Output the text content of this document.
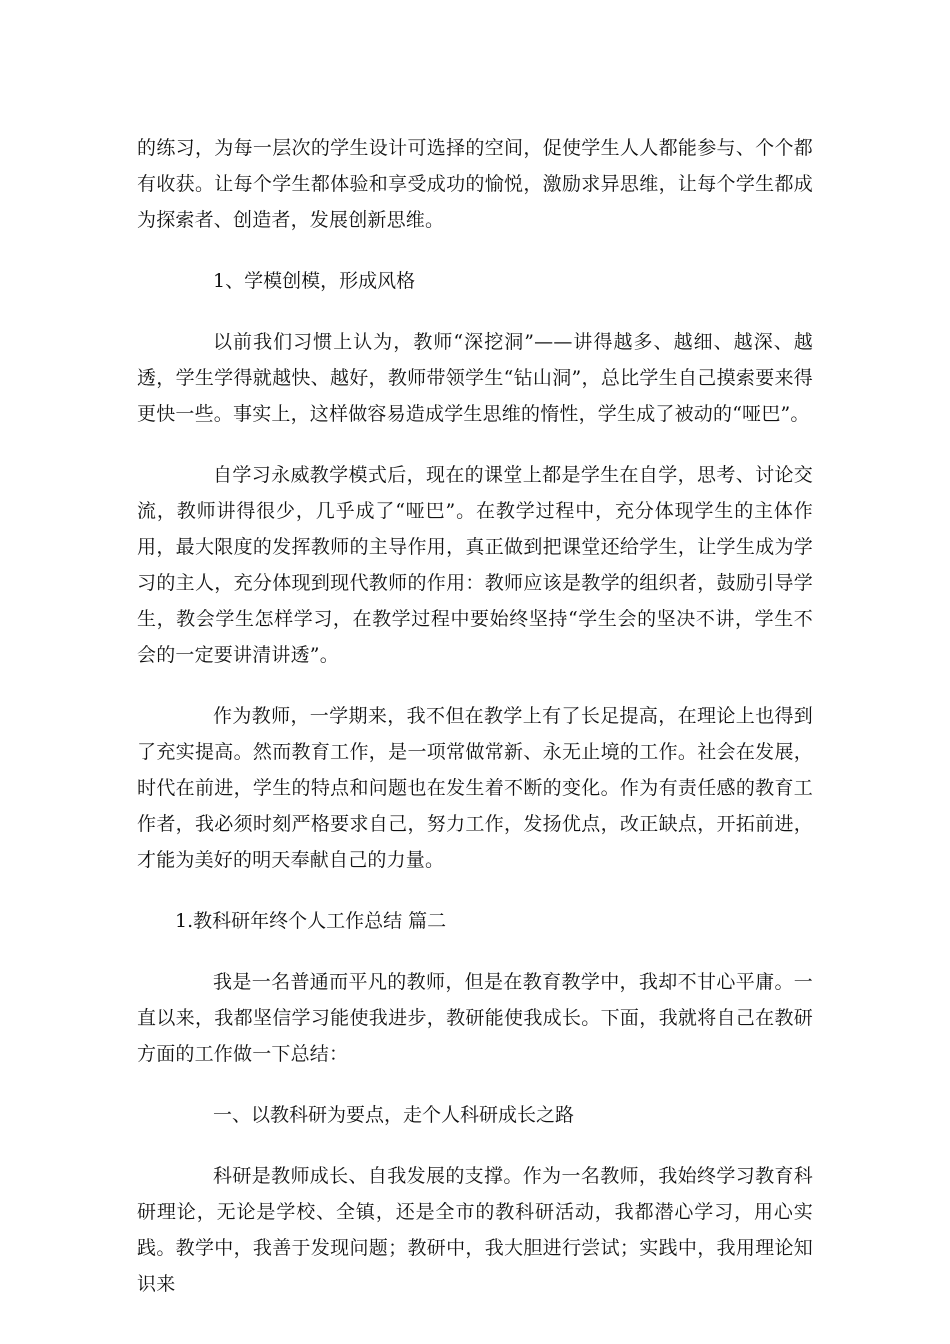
的练习，为每一层次的学生设计可选择的空间，促使学生人人都能参与、个个都有收获。让每个学生都体验和享受成功的愉悦，激励求异思维，让每个学生都成为探索者、创造者，发展创新思维。

1、学模创模，形成风格

以前我们习惯上认为，教师“深挖洞”——讲得越多、越细、越深、越透，学生学得就越快、越好，教师带领学生“钻山洞”，总比学生自己摸索要来得更快一些。事实上，这样做容易造成学生思维的惰性，学生成了被动的“哑巴”。

自学习永威教学模式后，现在的课堂上都是学生在自学，思考、讨论交流，教师讲得很少，几乎成了“哑巴”。在教学过程中，充分体现学生的主体作用，最大限度的发挥教师的主导作用，真正做到把课堂还给学生，让学生成为学习的主人，充分体现到现代教师的作用：教师应该是教学的组织者，鼓励引导学生，教会学生怎样学习，在教学过程中要始终坚持“学生会的坚决不讲，学生不会的一定要讲清讲透”。

作为教师，一学期来，我不但在教学上有了长足提高，在理论上也得到了充实提高。然而教育工作，是一项常做常新、永无止境的工作。社会在发展，时代在前进，学生的特点和问题也在发生着不断的变化。作为有责任感的教育工作者，我必须时刻严格要求自己，努力工作，发扬优点，改正缺点，开拓前进，才能为美好的明天奉献自己的力量。

1.教科研年终个人工作总结 篇二

我是一名普通而平凡的教师，但是在教育教学中，我却不甘心平庸。一直以来，我都坚信学习能使我进步，教研能使我成长。下面，我就将自己在教研方面的工作做一下总结：

一、以教科研为要点，走个人科研成长之路

科研是教师成长、自我发展的支撑。作为一名教师，我始终学习教育科研理论，无论是学校、全镇，还是全市的教科研活动，我都潜心学习，用心实践。教学中，我善于发现问题；教研中，我大胆进行尝试；实践中，我用理论知识来
